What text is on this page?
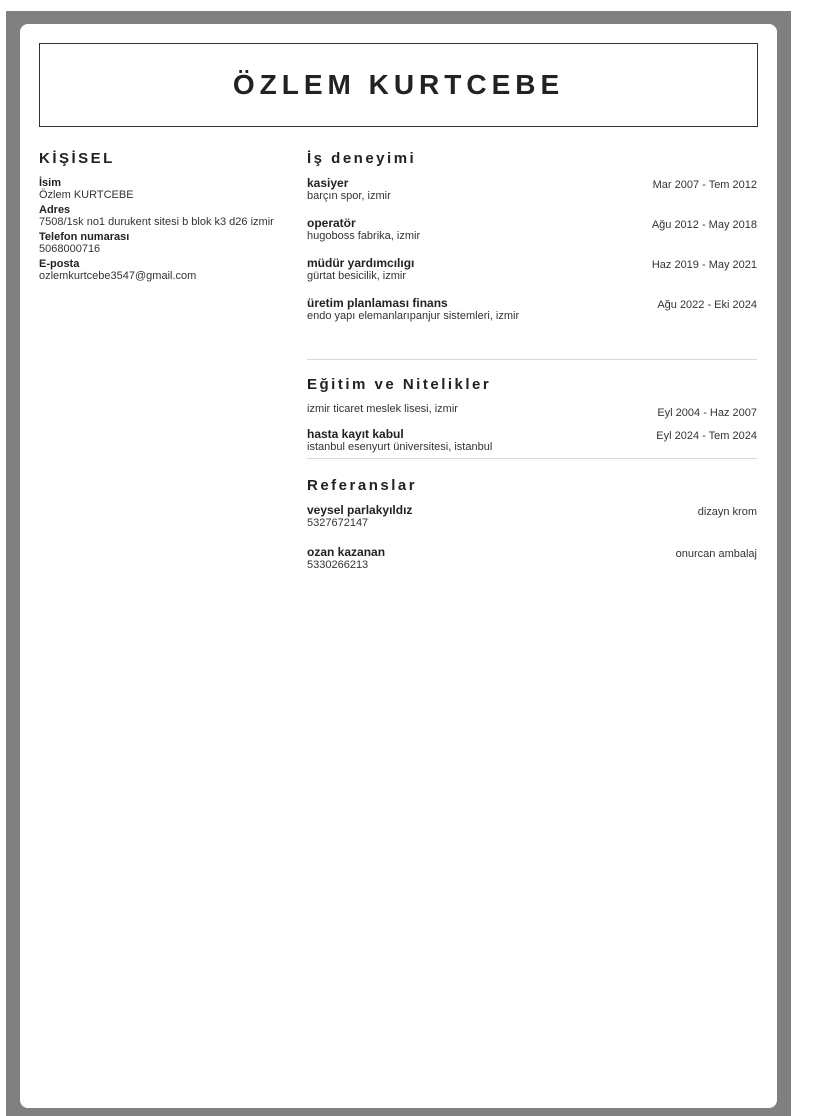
ÖZLEM KURTCEBE
KİŞİSEL
İsim
Özlem KURTCEBE
Adres
7508/1sk no1 durukent sitesi b blok k3 d26 izmir
Telefon numarası
5068000716
E-posta
ozlemkurtcebe3547@gmail.com
İş deneyimi
kasiyer
barçın spor, izmir
Mar 2007 - Tem 2012
operatör
hugoboss fabrika, izmir
Ağu 2012 - May 2018
müdür yardımcılıgı
gürtat besicilik, izmir
Haz 2019 - May 2021
üretim planlaması finans
endo yapı elemanlarıpanjur sistemleri, izmir
Ağu 2022 - Eki 2024
Eğitim ve Nitelikler
izmir ticaret meslek lisesi, izmir	Eyl 2004 - Haz 2007
hasta kayıt kabul
istanbul esenyurt üniversitesi, istanbul
Eyl 2024 - Tem 2024
Referanslar
veysel parlakyıldız
5327672147
dizayn krom
ozan kazanan
5330266213
onurcan ambalaj
